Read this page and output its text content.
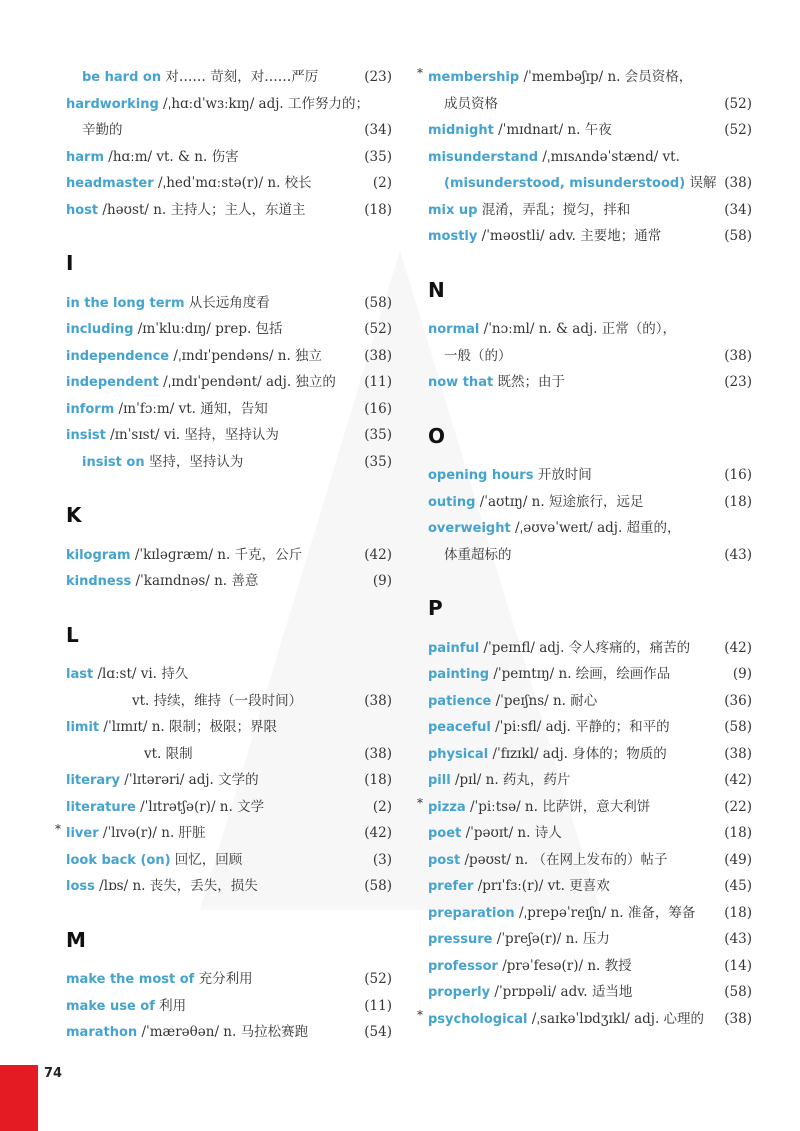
be hard on 对…… 苛刻，对……严厉	(23)
hardworking /ˌhɑːdˈwɜːkɪŋ/ adj. 工作努力的；
辛勤的	(34)
harm /hɑːm/ vt. & n. 伤害	(35)
headmaster /ˌhedˈmɑːstə(r)/ n. 校长	(2)
host /həʊst/ n. 主持人；主人，东道主	(18)
I
in the long term 从长远角度看	(58)
including /ɪnˈkluːdɪŋ/ prep. 包括	(52)
independence /ˌɪndɪˈpendəns/ n. 独立	(38)
independent /ˌɪndɪˈpendənt/ adj. 独立的 (11)
inform /ɪnˈfɔːm/ vt. 通知，告知	(16)
insist /ɪnˈsɪst/ vi. 坚持，坚持认为	(35)
insist on 坚持，坚持认为	(35)
K
kilogram /ˈkɪləɡræm/ n. 千克，公斤	(42)
kindness /ˈkaɪndnəs/ n. 善意	(9)
L
last /lɑːst/ vi. 持久
vt. 持续，维持（一段时间）	(38)
limit /ˈlɪmɪt/ n. 限制；极限；界限
vt. 限制	(38)
literary /ˈlɪtərəri/ adj. 文学的	(18)
literature /ˈlɪtrətʃə(r)/ n. 文学	(2)
* liver /ˈlɪvə(r)/ n. 肝脏	(42)
look back (on) 回忆，回顾	(3)
loss /lɒs/ n. 丧失，丢失，损失	(58)
M
make the most of 充分利用	(52)
make use of 利用	(11)
marathon /ˈmærəθən/ n. 马拉松赛跑	(54)
* membership /ˈmembəʃɪp/ n. 会员资格，
成员资格	(52)
midnight /ˈmɪdnaɪt/ n. 午夜	(52)
misunderstand /ˌmɪsʌndəˈstænd/ vt.
(misunderstood, misunderstood) 误解 (38)
mix up 混淆，弄乱；搅匀，拌和	(34)
mostly /ˈməʊstli/ adv. 主要地；通常	(58)
N
normal /ˈnɔːml/ n. & adj. 正常（的），
一般（的）	(38)
now that 既然；由于	(23)
O
opening hours 开放时间	(16)
outing /ˈaʊtɪŋ/ n. 短途旅行，远足	(18)
overweight /ˌəʊvəˈweɪt/ adj. 超重的，
体重超标的	(43)
P
painful /ˈpeɪnfl/ adj. 令人疼痛的，痛苦的	(42)
painting /ˈpeɪntɪŋ/ n. 绘画，绘画作品	(9)
patience /ˈpeɪʃns/ n. 耐心	(36)
peaceful /ˈpiːsfl/ adj. 平静的；和平的	(58)
physical /ˈfɪzɪkl/ adj. 身体的；物质的	(38)
pill /pɪl/ n. 药丸，药片	(42)
* pizza /ˈpiːtsə/ n. 比萨饼，意大利饼	(22)
poet /ˈpəʊɪt/ n. 诗人	(18)
post /pəʊst/ n. （在网上发布的）帖子	(49)
prefer /prɪˈfɜː(r)/ vt. 更喜欢	(45)
preparation /ˌprepəˈreɪʃn/ n. 准备，筹备 (18)
pressure /ˈpreʃə(r)/ n. 压力	(43)
professor /prəˈfesə(r)/ n. 教授	(14)
properly /ˈprɒpəli/ adv. 适当地	(58)
* psychological /ˌsaɪkəˈlɒdʒɪkl/ adj. 心理的 (38)
74
